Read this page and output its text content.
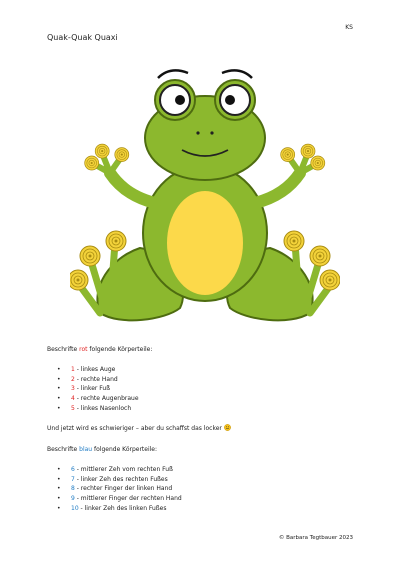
KS
Quak-Quak Quaxi

Beschrifte rot folgende Körperteile:

• 1 - linkes Auge
• 2 - rechte Hand
• 3 - linker Fuß
• 4 - rechte Augenbraue
• 5 - linkes Nasenloch
Und jetzt wird es schwieriger – aber du schaffst das locker

Beschrifte blau folgende Körperteile:

• 6 - mittlerer Zeh vom rechten Fuß
• 7 - linker Zeh des rechten Fußes
• 8 - rechter Finger der linken Hand
• 9 - mittlerer Finger der rechten Hand
• 10 - linker Zeh des linken Fußes
© Barbara Tegtbauer 2023
